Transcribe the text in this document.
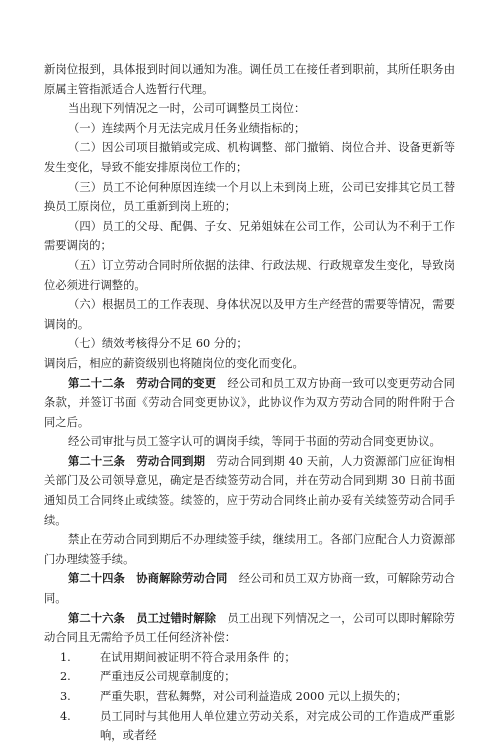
新岗位报到，具体报到时间以通知为准。调任员工在接任者到职前，其所任职务由原属主管指派适合人选暂行代理。

当出现下列情况之一时，公司可调整员工岗位：

（一）连续两个月无法完成月任务业绩指标的；

（二）因公司项目撤销或完成、机构调整、部门撤销、岗位合并、设备更新等发生变化，导致不能安排原岗位工作的；

（三）员工不论何种原因连续一个月以上未到岗上班，公司已安排其它员工替换员工原岗位，员工重新到岗上班的；

（四）员工的父母、配偶、子女、兄弟姐妹在公司工作，公司认为不利于工作需要调岗的；

（五）订立劳动合同时所依据的法律、行政法规、行政规章发生变化，导致岗位必须进行调整的。

（六）根据员工的工作表现、身体状况以及甲方生产经营的需要等情况，需要调岗的。

（七）绩效考核得分不足 60 分的；

调岗后，相应的薪资级别也将随岗位的变化而变化。

第二十二条　劳动合同的变更　 经公司和员工双方协商一致可以变更劳动合同条款，并签订书面《劳动合同变更协议》，此协议作为双方劳动合同的附件附于合同之后。

经公司审批与员工签字认可的调岗手续，等同于书面的劳动合同变更协议。

第二十三条　劳动合同到期　 劳动合同到期 40 天前，人力资源部门应征询相关部门及公司领导意见，确定是否续签劳动合同，并在劳动合同到期 30 日前书面通知员工合同终止或续签。续签的，应于劳动合同终止前办妥有关续签劳动合同手续。

禁止在劳动合同到期后不办理续签手续，继续用工。各部门应配合人力资源部门办理续签手续。

第二十四条　协商解除劳动合同　 经公司和员工双方协商一致，可解除劳动合同。

第二十六条　员工过错时解除　 员工出现下列情况之一，公司可以即时解除劳动合同且无需给予员工任何经济补偿：

1.	在试用期间被证明不符合录用条件 的；

2.	严重违反公司规章制度的；

3.	严重失职，营私舞弊，对公司利益造成 2000 元以上损失的；

4.	员工同时与其他用人单位建立劳动关系，对完成公司的工作造成严重影响，或者经
